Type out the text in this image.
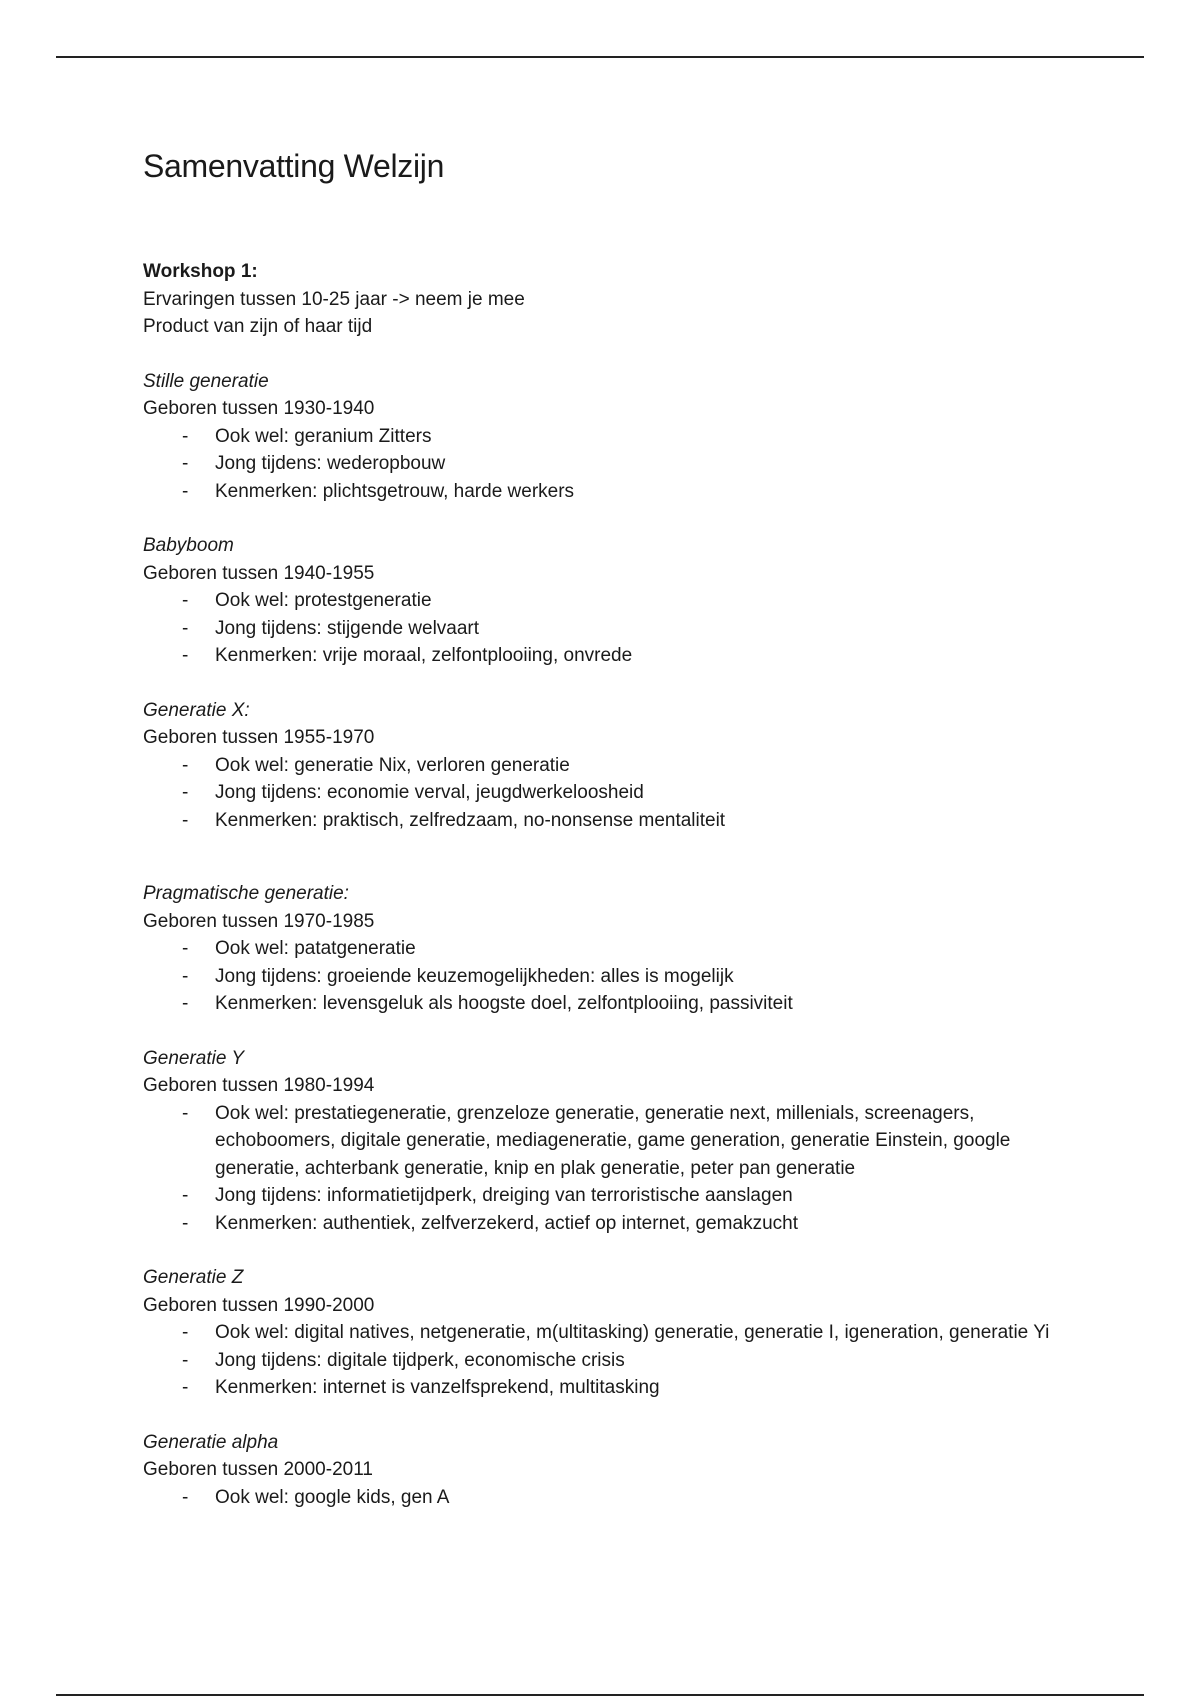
Samenvatting Welzijn
Workshop 1:
Ervaringen tussen 10-25 jaar -> neem je mee
Product van zijn of haar tijd
Stille generatie
Geboren tussen 1930-1940
- Ook wel: geranium Zitters
- Jong tijdens: wederopbouw
- Kenmerken: plichtsgetrouw, harde werkers
Babyboom
Geboren tussen 1940-1955
- Ook wel: protestgeneratie
- Jong tijdens: stijgende welvaart
- Kenmerken: vrije moraal, zelfontplooiing, onvrede
Generatie X:
Geboren tussen 1955-1970
- Ook wel: generatie Nix, verloren generatie
- Jong tijdens: economie verval, jeugdwerkeloosheid
- Kenmerken: praktisch, zelfredzaam, no-nonsense mentaliteit
Pragmatische generatie:
Geboren tussen 1970-1985
- Ook wel: patatgeneratie
- Jong tijdens: groeiende keuzemogelijkheden: alles is mogelijk
- Kenmerken: levensgeluk als hoogste doel, zelfontplooiing, passiviteit
Generatie Y
Geboren tussen 1980-1994
- Ook wel: prestatiegeneratie, grenzeloze generatie, generatie next, millenials, screenagers, echoboomers, digitale generatie, mediageneratie, game generation, generatie Einstein, google generatie, achterbank generatie, knip en plak generatie, peter pan generatie
- Jong tijdens: informatietijdperk, dreiging van terroristische aanslagen
- Kenmerken: authentiek, zelfverzekerd, actief op internet, gemakzucht
Generatie Z
Geboren tussen 1990-2000
- Ook wel: digital natives, netgeneratie, m(ultitasking) generatie, generatie I, igeneration, generatie Yi
- Jong tijdens: digitale tijdperk, economische crisis
- Kenmerken: internet is vanzelfsprekend, multitasking
Generatie alpha
Geboren tussen 2000-2011
- Ook wel: google kids, gen A
